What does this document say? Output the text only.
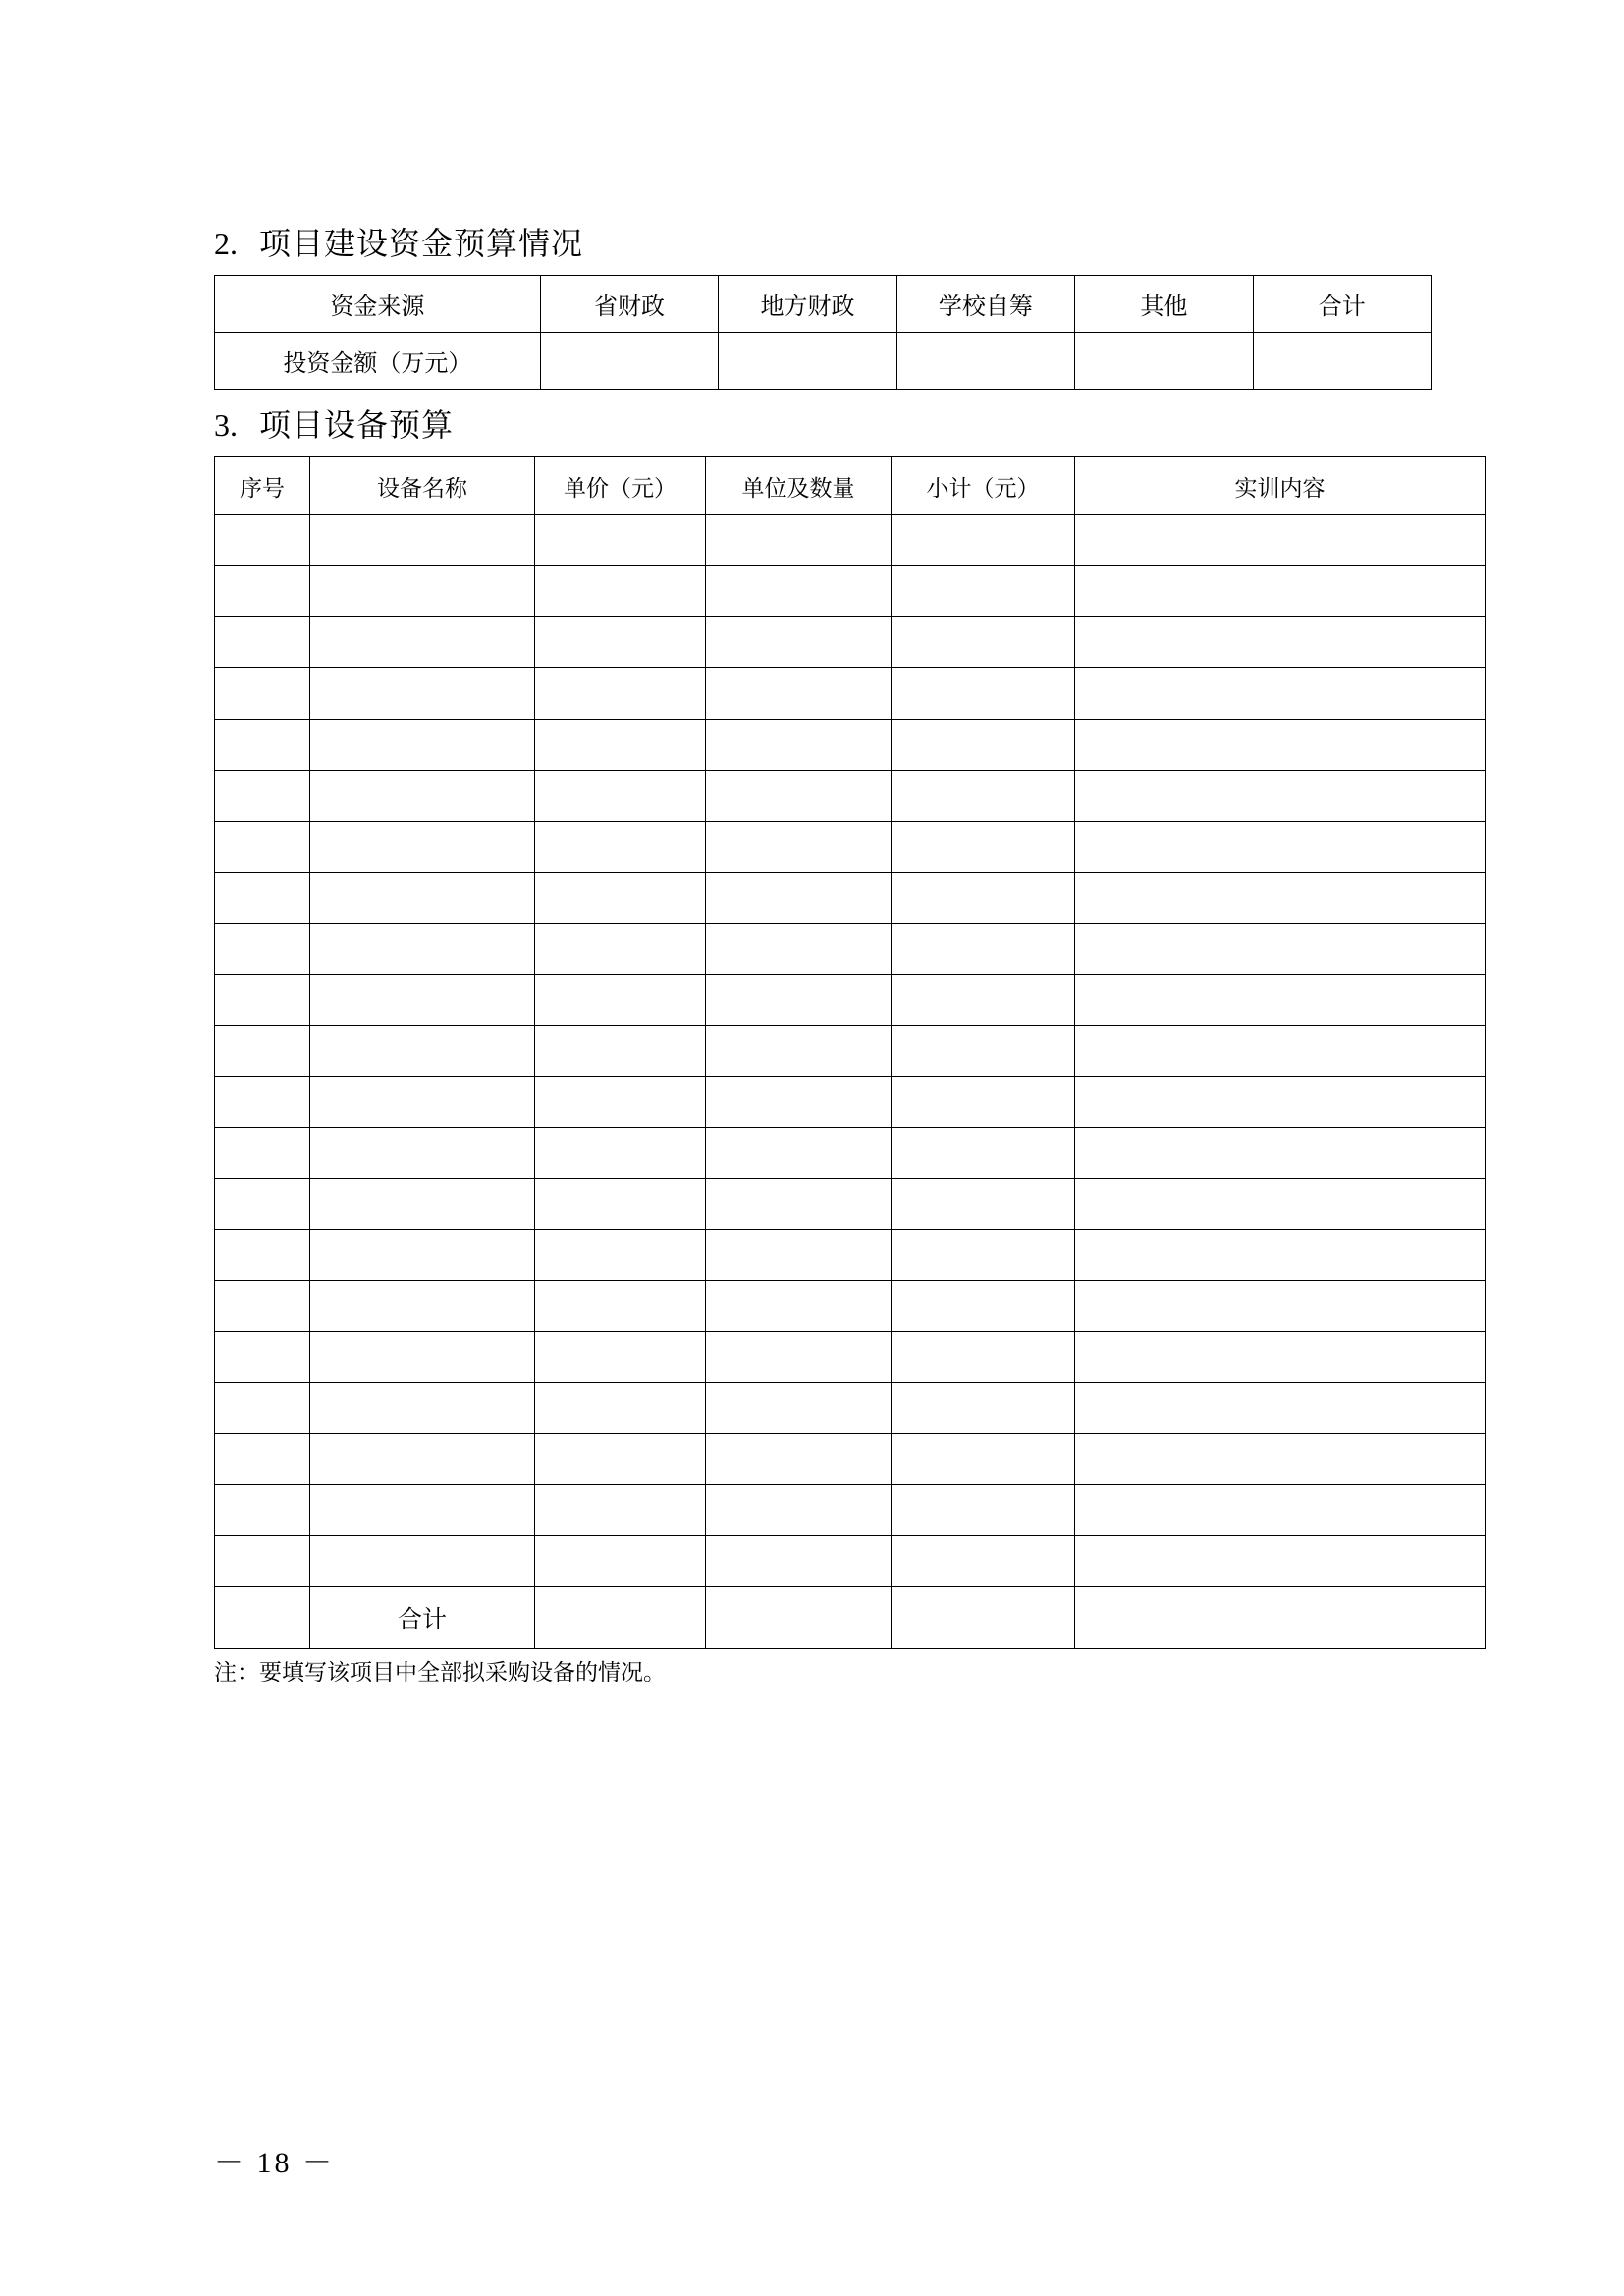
2. 项目建设资金预算情况
资金来源	省财政	地方财政	学校自筹	其他	合计
投资金额（万元）					
3. 项目设备预算
序号	设备名称	单价（元）	单位及数量	小计（元）	实训内容

	合计				
注：要填写该项目中全部拟采购设备的情况。
－ 18 －
